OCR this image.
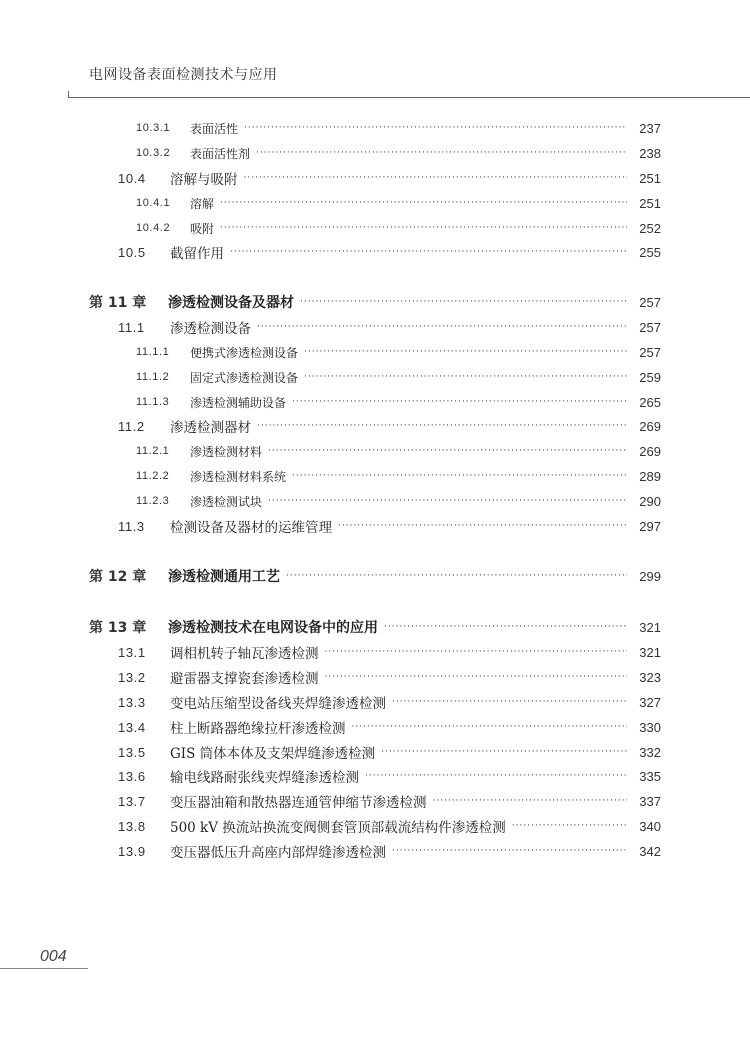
电网设备表面检测技术与应用
10.3.1	表面活性 ·····	237
10.3.2	表面活性剂 ·····	238
10.4	溶解与吸附 ·····	251
10.4.1	溶解 ·····	251
10.4.2	吸附 ·····	252
10.5	截留作用 ·····	255
第 11 章	渗透检测设备及器材 ·····	257
11.1	渗透检测设备 ·····	257
11.1.1	便携式渗透检测设备 ·····	257
11.1.2	固定式渗透检测设备 ·····	259
11.1.3	渗透检测辅助设备 ·····	265
11.2	渗透检测器材 ·····	269
11.2.1	渗透检测材料 ·····	269
11.2.2	渗透检测材料系统 ·····	289
11.2.3	渗透检测试块 ·····	290
11.3	检测设备及器材的运维管理 ·····	297
第 12 章	渗透检测通用工艺 ·····	299
第 13 章	渗透检测技术在电网设备中的应用 ·····	321
13.1	调相机转子轴瓦渗透检测 ·····	321
13.2	避雷器支撑瓷套渗透检测 ·····	323
13.3	变电站压缩型设备线夹焊缝渗透检测 ·····	327
13.4	柱上断路器绝缘拉杆渗透检测 ·····	330
13.5	GIS 筒体本体及支架焊缝渗透检测 ·····	332
13.6	输电线路耐张线夹焊缝渗透检测 ·····	335
13.7	变压器油箱和散热器连通管伸缩节渗透检测 ·····	337
13.8	500 kV 换流站换流变阀侧套管顶部载流结构件渗透检测 ·····	340
13.9	变压器低压升高座内部焊缝渗透检测 ·····	342
004
